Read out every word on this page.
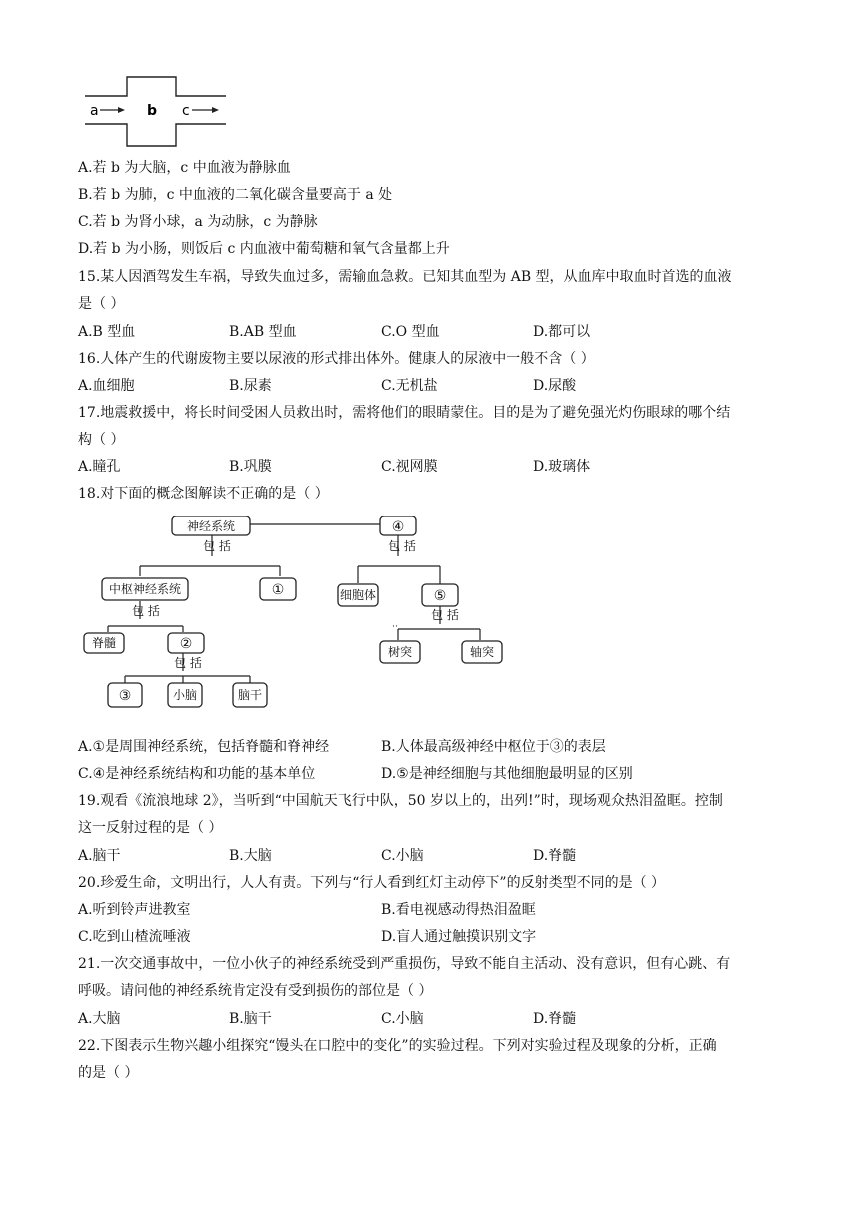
a	b c
A.若 b 为大脑，c 中血液为静脉血
B.若 b 为肺，c 中血液的二氧化碳含量要高于 a 处
C.若 b 为肾小球，a 为动脉，c 为静脉
D.若 b 为小肠，则饭后 c 内血液中葡萄糖和氧气含量都上升
15.某人因酒驾发生车祸，导致失血过多，需输血急救。已知其血型为 AB 型，从血库中取血时首选的血液
是（ ）
A.B 型血	B.AB 型血	C.O 型血	D.都可以
16.人体产生的代谢废物主要以尿液的形式排出体外。健康人的尿液中一般不含（ ）
A.血细胞	B.尿素	C.无机盐	D.尿酸
17.地震救援中，将长时间受困人员救出时，需将他们的眼睛蒙住。目的是为了避免强光灼伤眼球的哪个结
构（ ）
A.瞳孔	B.巩膜	C.视网膜	D.玻璃体
18.对下面的概念图解读不正确的是（ ）
神经系统
包 括
中枢神经系统	①
包 括
脊髓	②
包 括
③	小脑	脑干
④
包 括
细胞体	⑤
包 括
··
树突	轴突
A.①是周围神经系统，包括脊髓和脊神经	B.人体最高级神经中枢位于③的表层
C.④是神经系统结构和功能的基本单位	D.⑤是神经细胞与其他细胞最明显的区别
19.观看《流浪地球 2》，当听到“中国航天飞行中队，50 岁以上的，出列!”时，现场观众热泪盈眶。控制
这一反射过程的是（ ）
A.脑干	B.大脑	C.小脑	D.脊髓
20.珍爱生命，文明出行，人人有责。下列与“行人看到红灯主动停下”的反射类型不同的是（ ）
A.听到铃声进教室	B.看电视感动得热泪盈眶
C.吃到山楂流唾液	D.盲人通过触摸识别文字
21.一次交通事故中，一位小伙子的神经系统受到严重损伤，导致不能自主活动、没有意识，但有心跳、有
呼吸。请问他的神经系统肯定没有受到损伤的部位是（ ）
A.大脑	B.脑干	C.小脑	D.脊髓
22.下图表示生物兴趣小组探究“馒头在口腔中的变化”的实验过程。下列对实验过程及现象的分析，正确
的是（ ）
